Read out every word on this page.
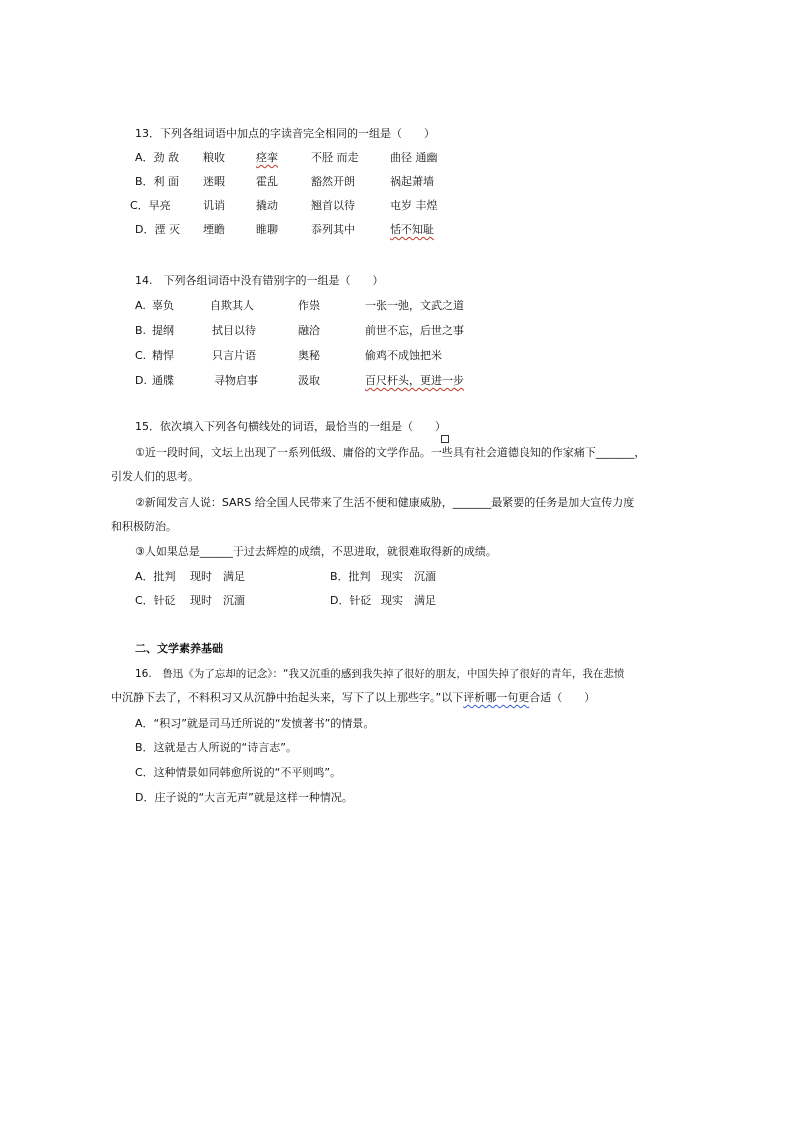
13．下列各组词语中加点的字读音完全相同的一组是（　　）
A．劲 敌 粮收	痉挛	不胫 而走	曲径 通幽
B．利 面 迷暇	霍乱	豁然开朗	祸起萧墙
C．早亮	讥诮	撬动	翘首以待	屯岁 丰煌
D．湮 灭 堙瞻	睢聊	忝列其中	恬不知耻
14.　下列各组词语中没有错别字的一组是（　　）
A. 辜负	自欺其人	作祟	一张一弛，文武之道
B. 提纲	拭目以待	融洽	前世不忘，后世之事
C. 精悍	只言片语	奥秘	偷鸡不成蚀把米
D. 通牒	寻物启事	汲取	百尺杆头，更进一步
15．依次填入下列各句横线处的词语，最恰当的一组是（　　）
①近一段时间，文坛上出现了一系列低级、庸俗的文学作品。一些具有社会道德良知的作家痛下_______，
引发人们的思考。
②新闻发言人说：SARS 给全国人民带来了生活不便和健康威胁，_______最紧要的任务是加大宣传力度
和积极防治。
③人如果总是______于过去辉煌的成绩，不思进取，就很难取得新的成绩。
A．批判 现时 满足	B．批判 现实 沉湎
C．针砭 现时 沉湎	D．针砭 现实 满足
二、文学素养基础
16.　鲁迅《为了忘却的记念》：“我又沉重的感到我失掉了很好的朋友，中国失掉了很好的青年，我在悲愤
中沉静下去了，不料积习又从沉静中抬起头来，写下了以上那些字。”以下评析哪一句更合适（　　）
A．“积习”就是司马迁所说的“发愤著书”的情景。
B．这就是古人所说的“诗言志”。
C．这种情景如同韩愈所说的“不平则鸣”。
D．庄子说的“大言无声”就是这样一种情况。
